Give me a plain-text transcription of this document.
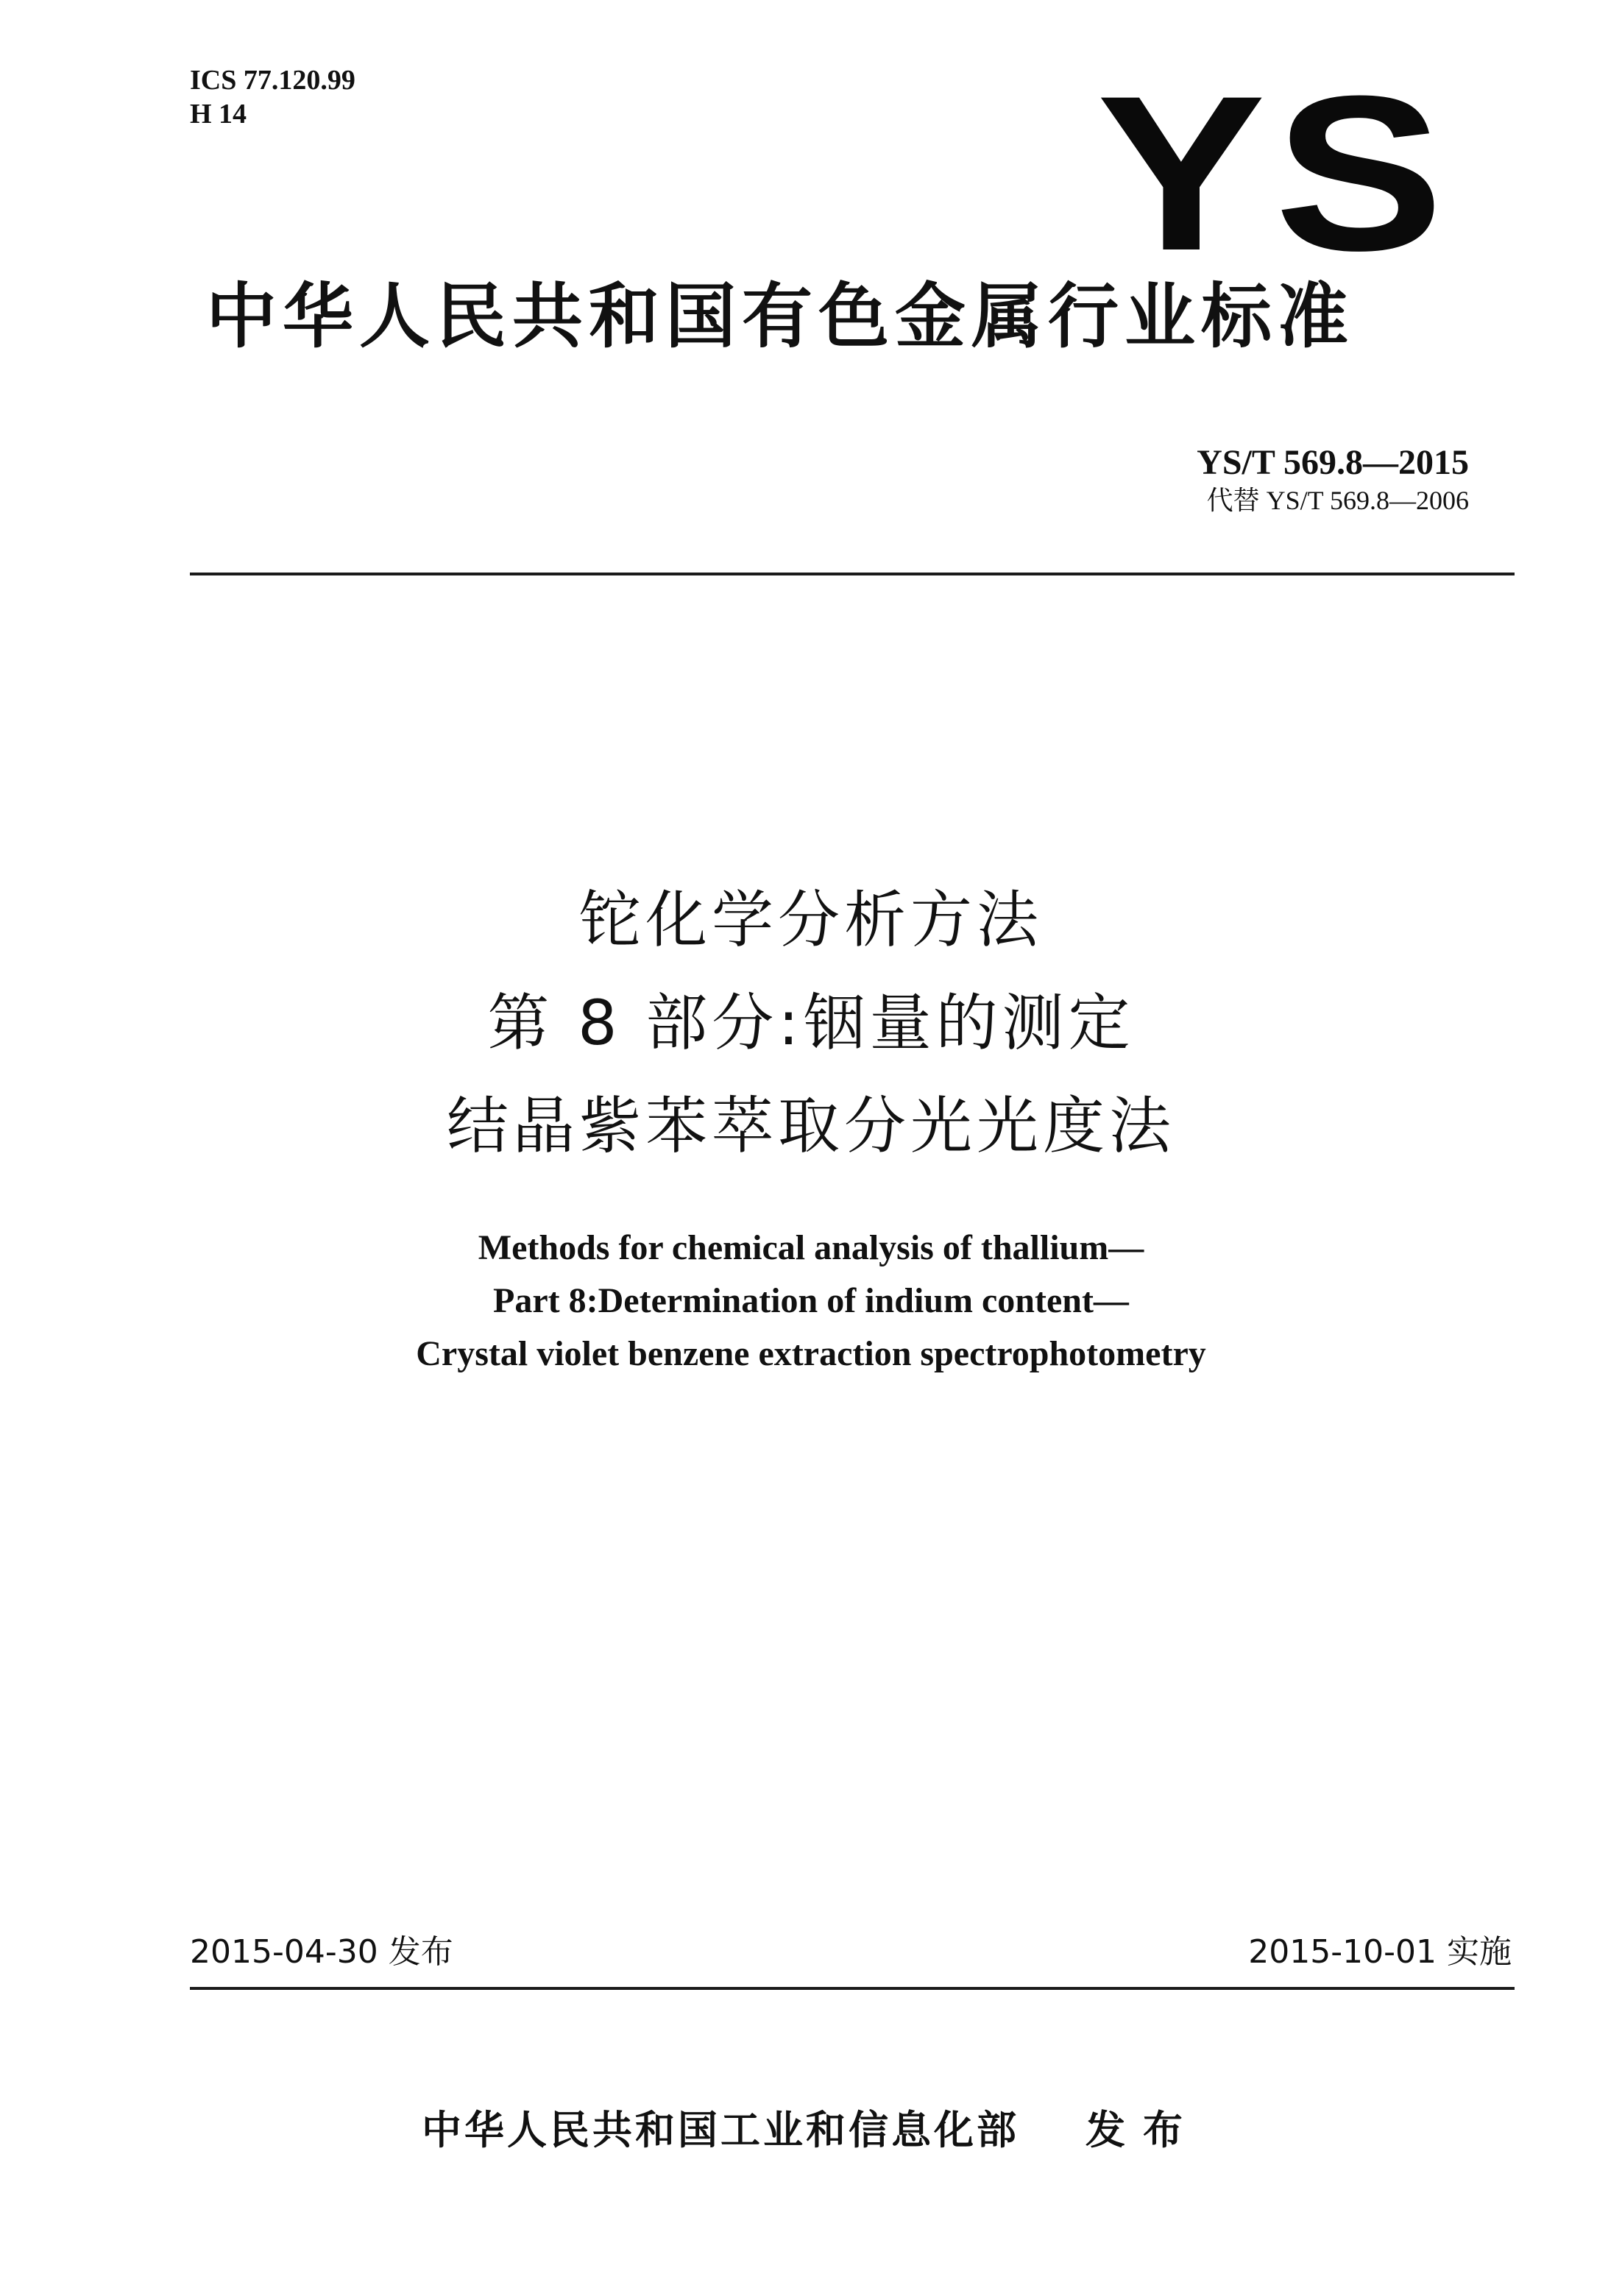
ICS 77.120.99
H 14	YS
中华人民共和国有色金属行业标准
YS/T 569.8—2015
代替 YS/T 569.8—2006
铊化学分析方法
第 8 部分:铟量的测定
结晶紫苯萃取分光光度法
Methods for chemical analysis of thallium—
Part 8:Determination of indium content—
Crystal violet benzene extraction spectrophotometry
2015-04-30 发布	2015-10-01 实施
中华人民共和国工业和信息化部 发布
